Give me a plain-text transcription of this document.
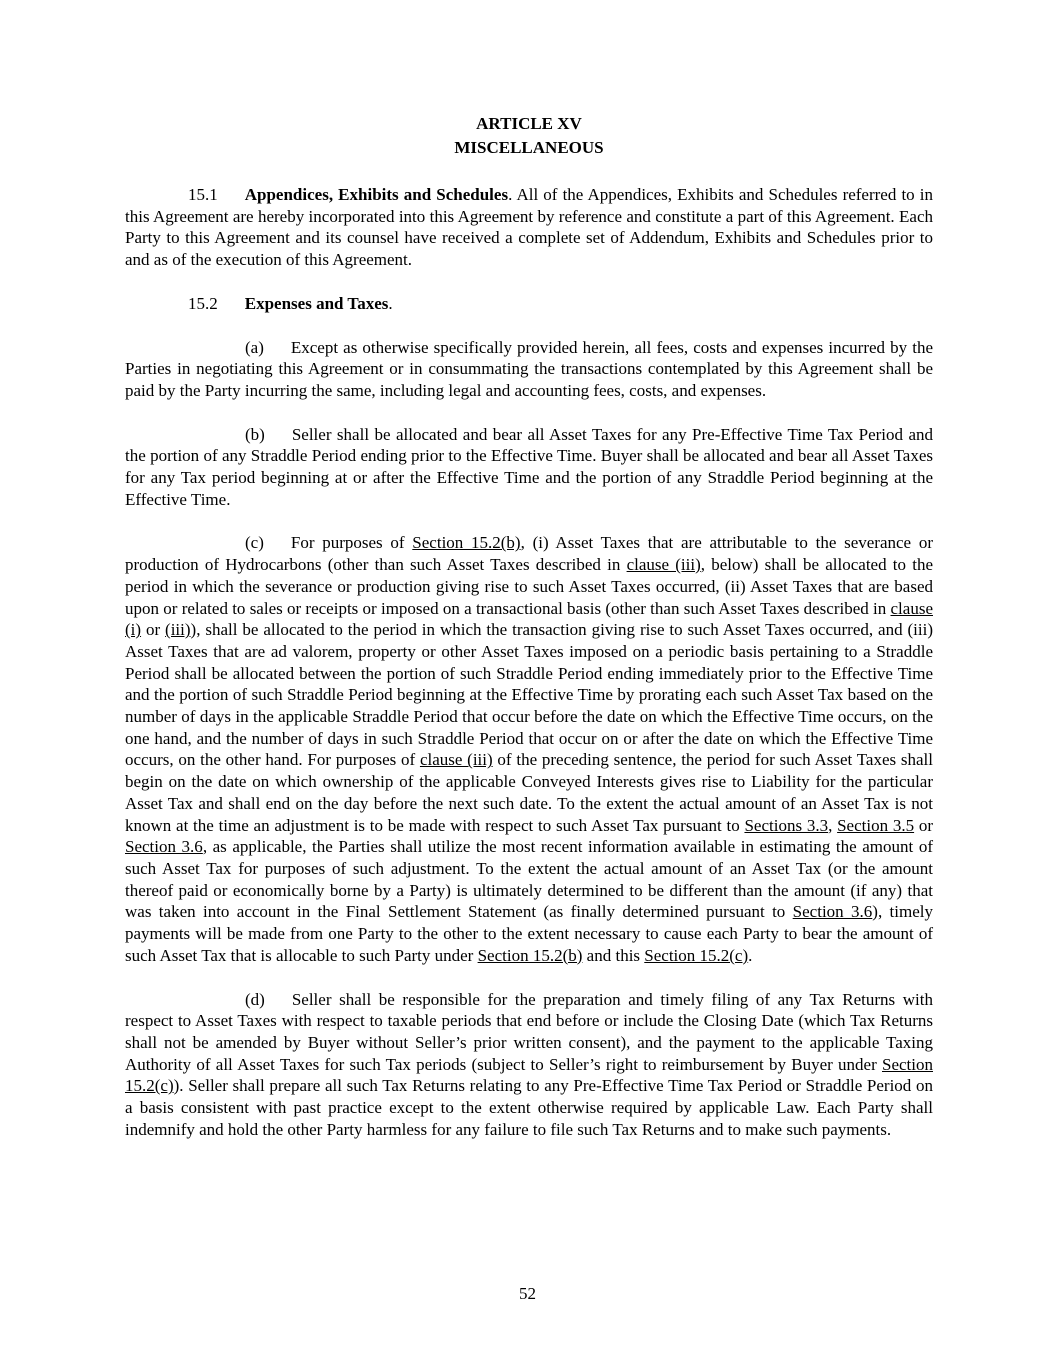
ARTICLE XV
MISCELLANEOUS

15.1 Appendices, Exhibits and Schedules. All of the Appendices, Exhibits and Schedules referred to in this Agreement are hereby incorporated into this Agreement by reference and constitute a part of this Agreement. Each Party to this Agreement and its counsel have received a complete set of Addendum, Exhibits and Schedules prior to and as of the execution of this Agreement.

15.2 Expenses and Taxes.

(a) Except as otherwise specifically provided herein, all fees, costs and expenses incurred by the Parties in negotiating this Agreement or in consummating the transactions contemplated by this Agreement shall be paid by the Party incurring the same, including legal and accounting fees, costs, and expenses.

(b) Seller shall be allocated and bear all Asset Taxes for any Pre-Effective Time Tax Period and the portion of any Straddle Period ending prior to the Effective Time. Buyer shall be allocated and bear all Asset Taxes for any Tax period beginning at or after the Effective Time and the portion of any Straddle Period beginning at the Effective Time.

(c) For purposes of Section 15.2(b), (i) Asset Taxes that are attributable to the severance or production of Hydrocarbons (other than such Asset Taxes described in clause (iii), below) shall be allocated to the period in which the severance or production giving rise to such Asset Taxes occurred, (ii) Asset Taxes that are based upon or related to sales or receipts or imposed on a transactional basis (other than such Asset Taxes described in clause (i) or (iii)), shall be allocated to the period in which the transaction giving rise to such Asset Taxes occurred, and (iii) Asset Taxes that are ad valorem, property or other Asset Taxes imposed on a periodic basis pertaining to a Straddle Period shall be allocated between the portion of such Straddle Period ending immediately prior to the Effective Time and the portion of such Straddle Period beginning at the Effective Time by prorating each such Asset Tax based on the number of days in the applicable Straddle Period that occur before the date on which the Effective Time occurs, on the one hand, and the number of days in such Straddle Period that occur on or after the date on which the Effective Time occurs, on the other hand. For purposes of clause (iii) of the preceding sentence, the period for such Asset Taxes shall begin on the date on which ownership of the applicable Conveyed Interests gives rise to Liability for the particular Asset Tax and shall end on the day before the next such date. To the extent the actual amount of an Asset Tax is not known at the time an adjustment is to be made with respect to such Asset Tax pursuant to Sections 3.3, Section 3.5 or Section 3.6, as applicable, the Parties shall utilize the most recent information available in estimating the amount of such Asset Tax for purposes of such adjustment. To the extent the actual amount of an Asset Tax (or the amount thereof paid or economically borne by a Party) is ultimately determined to be different than the amount (if any) that was taken into account in the Final Settlement Statement (as finally determined pursuant to Section 3.6), timely payments will be made from one Party to the other to the extent necessary to cause each Party to bear the amount of such Asset Tax that is allocable to such Party under Section 15.2(b) and this Section 15.2(c).

(d) Seller shall be responsible for the preparation and timely filing of any Tax Returns with respect to Asset Taxes with respect to taxable periods that end before or include the Closing Date (which Tax Returns shall not be amended by Buyer without Seller’s prior written consent), and the payment to the applicable Taxing Authority of all Asset Taxes for such Tax periods (subject to Seller’s right to reimbursement by Buyer under Section 15.2(c)). Seller shall prepare all such Tax Returns relating to any Pre-Effective Time Tax Period or Straddle Period on a basis consistent with past practice except to the extent otherwise required by applicable Law. Each Party shall indemnify and hold the other Party harmless for any failure to file such Tax Returns and to make such payments.

52
